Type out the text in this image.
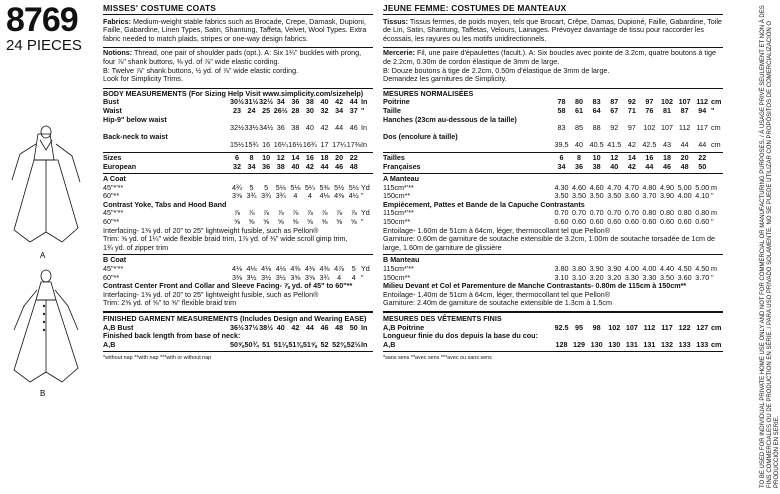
8769
24 PIECES
A
B
MISSES' COSTUME COATS
Fabrics: Medium-weight stable fabrics such as Brocade, Crepe, Damask, Dupioni, Faille, Gabardine, Linen Types, Satin, Shantung, Taffeta, Velvet, Wool Types. Extra fabric needed to match plaids, stripes or one-way design fabrics.
Notions: Thread, one pair of shoulder pads (opt.). A: Six 1¼" buckles with prong, four ⅞" shank buttons, ⅜ yd. of ⅞" wide elastic cording.
B: Twelve ⅞" shank buttons, ½ yd. of ⅞" wide elastic cording.
Look for Simplicity Trims.
BODY MEASUREMENTS (For Sizing Help Visit www.simplicity.com/sizehelp)
Bust	30½ 31½ 32½ 34 36 38 40 42 44 In
Waist	23 24 25 26½ 28 30 32 34 37 "
Hip-9" below waist
32½ 33½ 34½ 36 38 40 42 44 46 In
Back-neck to waist
15½ 15¾ 16 16¼ 16½ 16¾ 17 17¼ 17⅜ In
Sizes	6	8	10 12 14 16 18 20 22
European	32 34 36 38 40 42 44 46 48
A Coat
45"*'**	4¾	5	5	5⅛ 5⅛ 5¼ 5⅜ 5½ 5½ Yd
60"**	3⅝ 3¾ 3¾ 3¾	4	4	4⅛ 4⅜ 4½ "
Contrast Yoke, Tabs and Hood Band
45"*'**	⅞	⅞	⅞	⅞	⅞	⅞	⅞	⅞	⅞ Yd
60"**	⅝	⅝	⅝	⅝	⅝	⅝	⅝	⅝	⅝ "
Interfacing- 1⅜ yd. of 20" to 25" lightweight fusible, such as Pellon®
Trim: ⅝ yd. of 1¼" wide flexible braid trim, 1⅞ yd. of ⅜" wide scroll gimp trim,
1¾ yd. of zipper trim
B Coat
45"*'**	4⅛ 4⅛ 4⅛ 4⅛ 4⅜ 4⅜ 4⅜ 4⅞	5 Yd
60"**	3⅜ 3½ 3½ 3½ 3⅝ 3⅝ 3¾	4	4 "
Contrast Center Front and Collar and Sleeve Facing- ⅞ yd. of 45" to 60"**
Interfacing- 1⅜ yd. of 20" to 25" lightweight fusible, such as Pellon®
Trim: 2⅝ yd. of ⅝" to ⅝" flexible braid trim
FINISHED GARMENT MEASUREMENTS (Includes Design and Wearing EASE)
A,B Bust	36½ 37½ 38½ 40 42 44 46 48 50 In
Finished back length from base of neck:
A,B	50⅝ 50¾ 51 51⅛ 51⅜ 51⅝ 52 52⅜ 52½ In
*without nap **with nap ***with or without nap
JEUNE FEMME: COSTUMES DE MANTEAUX
Tissus: Tissus fermes, de poids moyen, tels que Brocart, Crêpe, Damas, Dupioné, Faille, Gabardine, Toile de Lin, Satin, Shantung, Taffetas, Velours, Lainages. Prévoyez davantage de tissu pour raccorder les écossais, les rayures ou les motifs unidirectionnels.
Mercerie: Fil, une paire d'épaulettes (facult.). A: Six boucles avec pointe de 3.2cm, quatre boutons à tige de 2.2cm, 0.30m de cordon élastique de 3mm de large.
B: Douze boutons à tige de 2.2cm, 0.50m d'élastique de 3mm de large.
Demandez les garnitures de Simplicity.
MESURES NORMALISÉES
Poitrine	78	80	83	87	92	97	102 107 112 cm
Taille	58	61	64	67	71	76	81	87	94 "
Hanches (23cm au-dessous de la taille)
83	85	88	92	97	102 107 112 117 cm
Dos (encolure à taille)
39.5 40 40.5 41.5 42 42.5 43	44	44 cm
Tailles	6	8	10	12	14	16	18	20	22
Françaises	34	36	38	40	42	44	46	48	50
A Manteau
115cm*'**	4.30 4.60 4.60 4.70 4.70 4.80 4.90 5.00 5.00 m
150cm**	3.50 3.50 3.50 3.50 3.60 3.70 3.90 4.00 4.10 "
Empiècement, Pattes et Bande de la Capuche Contrastants
115cm*'**	0.70 0.70 0.70 0.70 0.70 0.80 0.80 0.80 0.80 m
150cm**	0.60 0.60 0.60 0.60 0.60 0.60 0.60 0.60 0.60 "
Entoilage- 1.60m de 51cm à 64cm, léger, thermocollant tel que Pellon®
Garniture: 0.60m de garniture de soutache extensible de 3.2cm, 1.00m de soutache torsadée de 1cm de large, 1.60m de garniture de glissière
B Manteau
115cm*'**	3.80 3.80 3.90 3.90 4.00 4.00 4.40 4.50 4.50 m
150cm**	3.10 3.10 3.20 3.20 3.30 3.30 3.50 3.60 3.70 "
Milieu Devant et Col et Parementure de Manche Contrastants- 0.80m de 115cm à 150cm**
Entoilage- 1.40m de 51cm à 64cm, léger, thermocollant tel que Pellon®
Garniture: 2.40m de garniture de soutache extensible de 1.3cm à 1.5cm
MESURES DES VÊTEMENTS FINIS
A,B Poitrine	92.5 95	98	102 107 112 117 122 127 cm
Longueur finie du dos depuis la base du cou:
A,B	128 129 130 130 131 131 132 133 133 cm
*sans sens **avec sens ***avec ou sans sens	TO BE USED FOR INDIVIDUAL PRIVATE HOME USE ONLY AND NOT FOR COMMERCIAL OR MANUFACTURING PURPOSES. / À USAGE PRIVÉ SEULEMENT ET NON À DES FINS COMMERCIALES OU DE PRODUCTION EN SÉRIE. / PARA USO PRIVADO SOLAMENTE. NO SE PUEDE UTILIZAR CON PROPÓSITOS DE COMERCIALIZACIÓN O PRODUCCIÓN EN SERIE.
